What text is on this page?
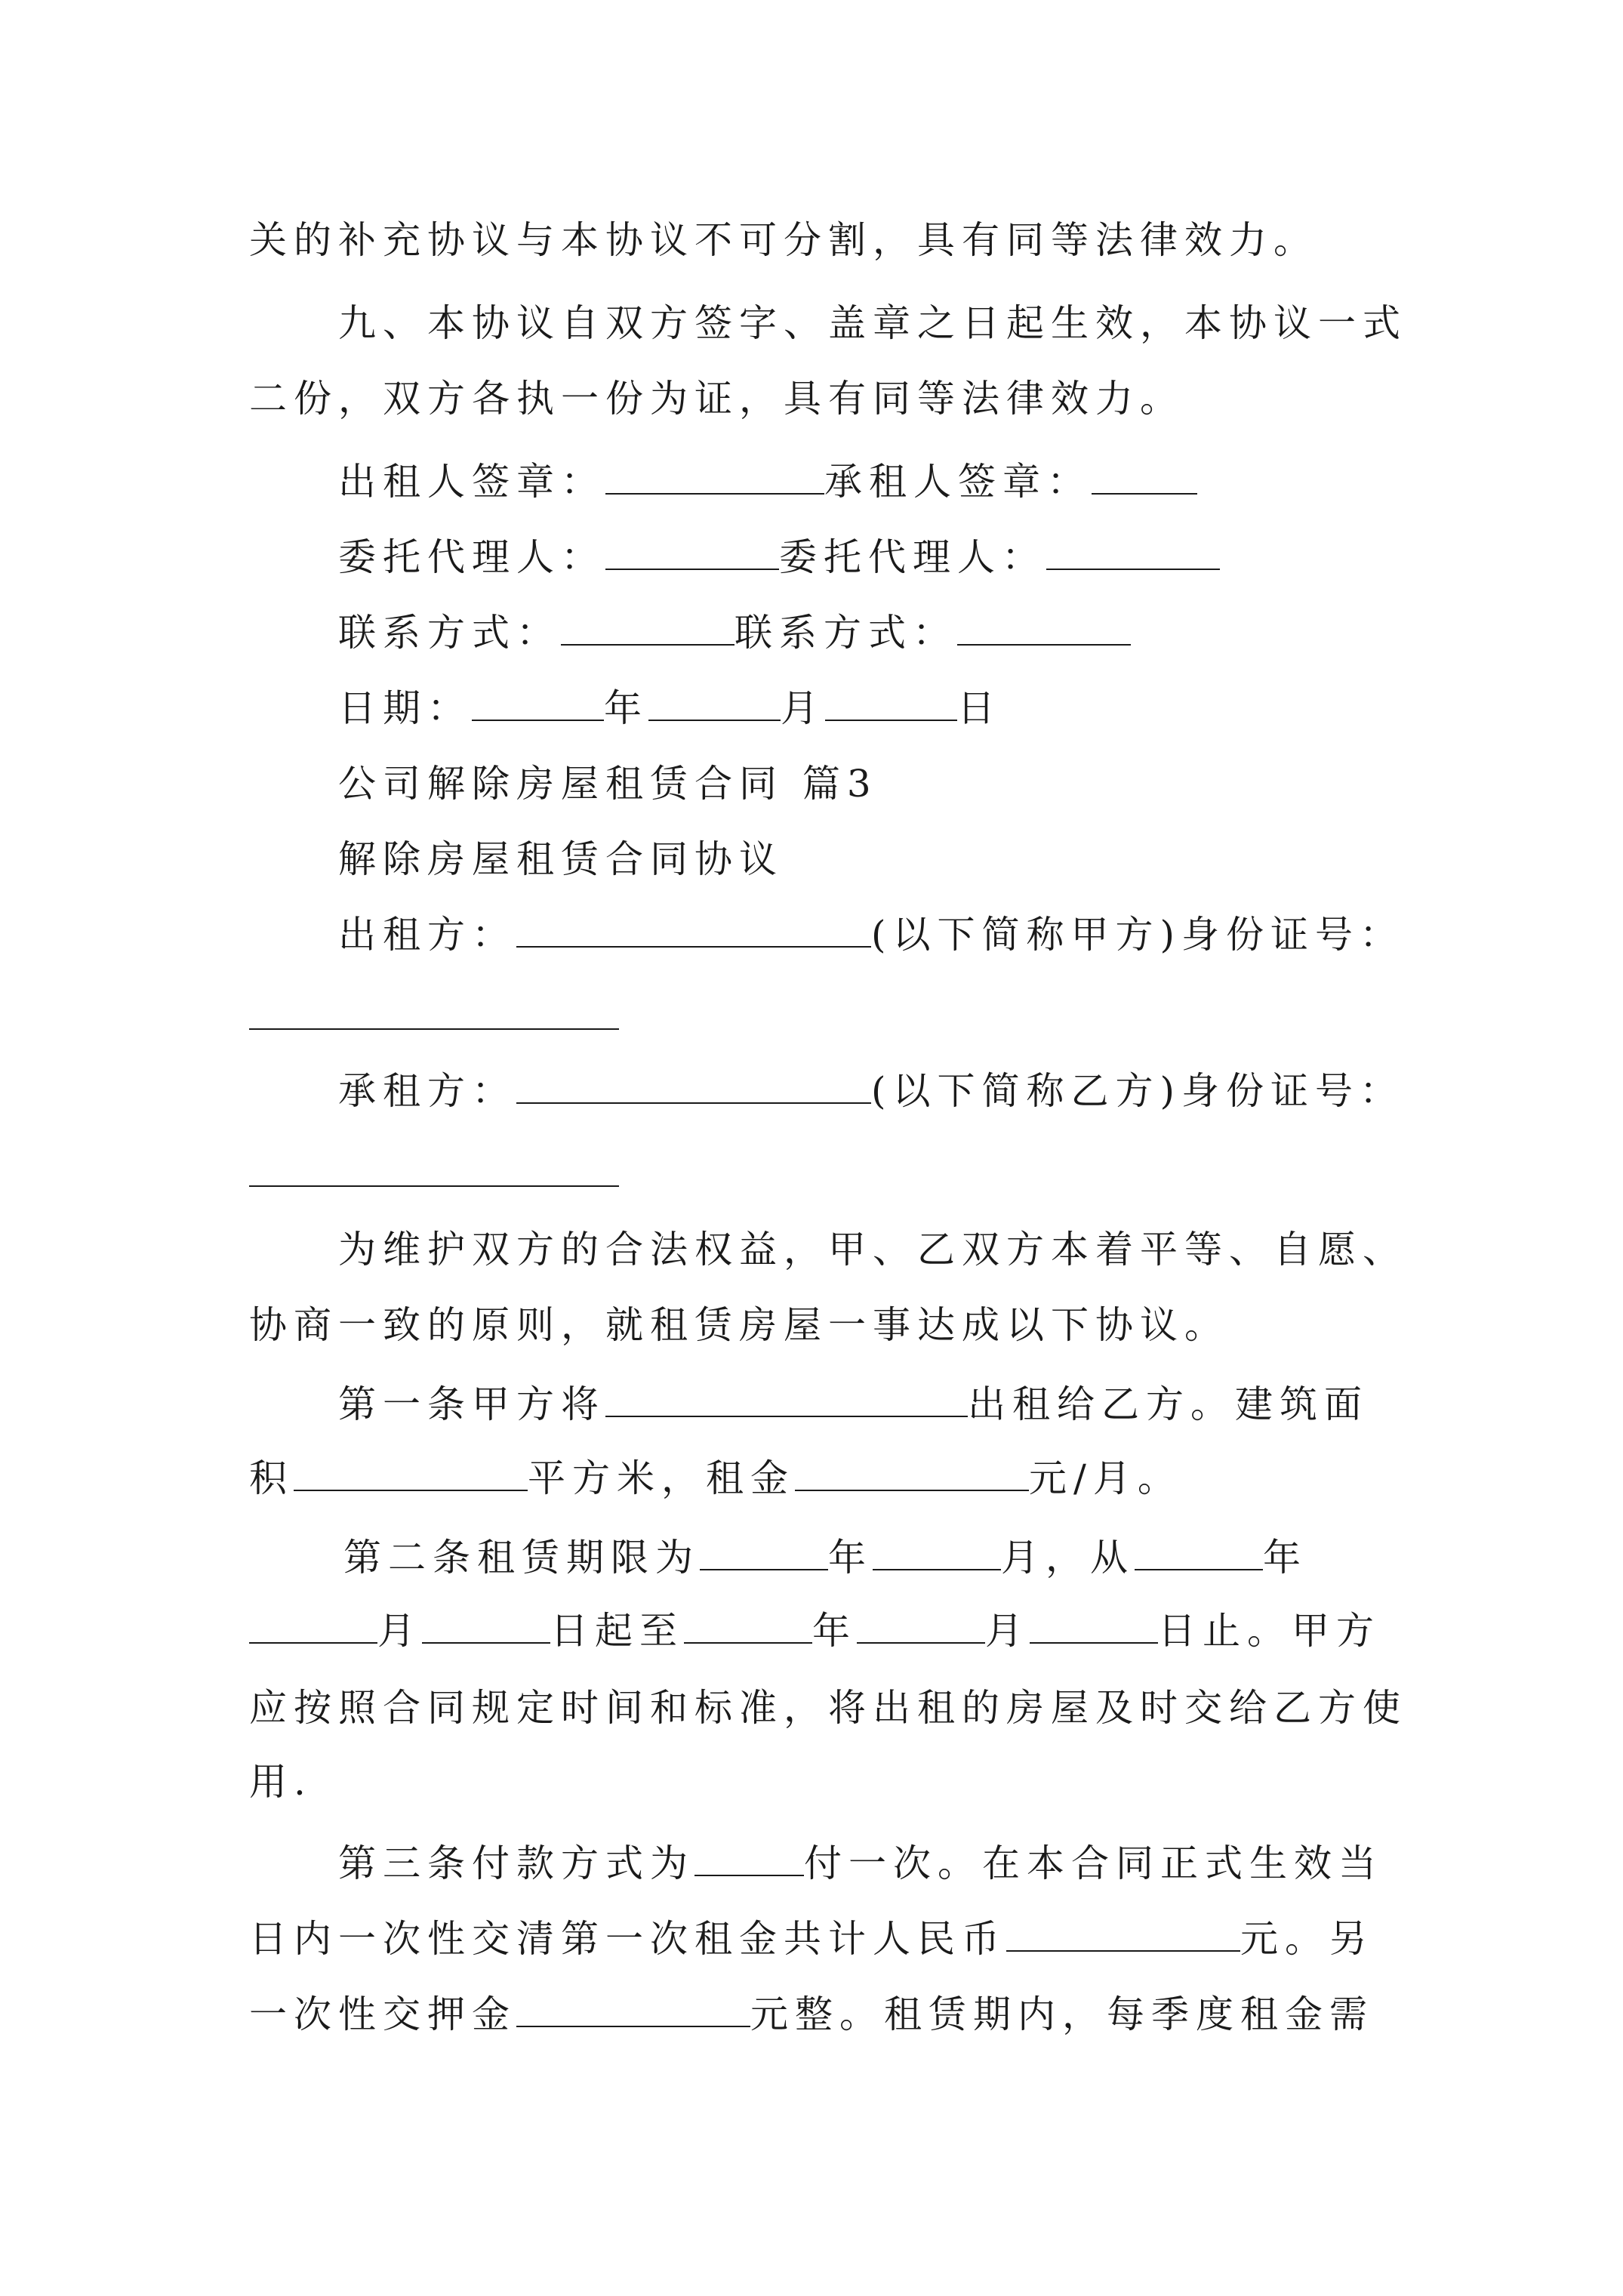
关的补充协议与本协议不可分割，具有同等法律效力。
九、本协议自双方签字、盖章之日起生效，本协议一式
二份，双方各执一份为证，具有同等法律效力。
出租人签章：	承租人签章：
委托代理人：	委托代理人：
联系方式：	联系方式：
日期：	年	月	日
公司解除房屋租赁合同 篇3
解除房屋租赁合同协议
出租方：	(以下简称甲方)身份证号：
承租方：	(以下简称乙方)身份证号：
为维护双方的合法权益，甲、乙双方本着平等、自愿、
协商一致的原则，就租赁房屋一事达成以下协议。
第一条甲方将	出租给乙方。建筑面
积	平方米，租金	元/月。
第二条租赁期限为	年	月，从	年
月	日起至	年	月	日止。甲方
应按照合同规定时间和标准，将出租的房屋及时交给乙方使
用.
第三条付款方式为	付一次。在本合同正式生效当
日内一次性交清第一次租金共计人民币	元。另
一次性交押金	元整。租赁期内，每季度租金需
